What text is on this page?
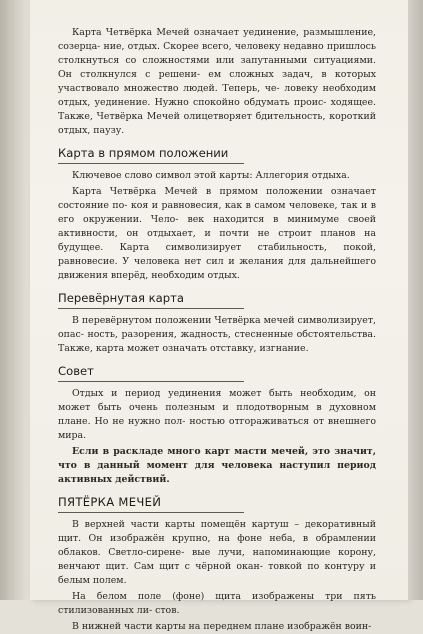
Карта Четвёрка Мечей означает уединение, размышление, созерца- ние, отдых. Скорее всего, человеку недавно пришлось столкнуться со сложностями или запутанными ситуациями. Он столкнулся с решени- ем сложных задач, в которых участвовало множество людей. Теперь, че- ловеку необходим отдых, уединение. Нужно спокойно обдумать проис- ходящее. Также, Четвёрка Мечей олицетворяет бдительность, короткий отдых, паузу.

Карта в прямом положении

Ключевое слово символ этой карты: Аллегория отдыха.

Карта Четвёрка Мечей в прямом положении означает состояние по- коя и равновесия, как в самом человеке, так и в его окружении. Чело- век находится в минимуме своей активности, он отдыхает, и почти не строит планов на будущее. Карта символизирует стабильность, покой, равновесие. У человека нет сил и желания для дальнейшего движения вперёд, необходим отдых.

Перевёрнутая карта

В перевёрнутом положении Четвёрка мечей символизирует, опас- ность, разорения, жадность, стесненные обстоятельства. Также, карта может означать отставку, изгнание.

Совет

Отдых и период уединения может быть необходим, он может быть очень полезным и плодотворным в духовном плане. Но не нужно пол- ностью отгораживаться от внешнего мира.

Если в раскладе много карт масти мечей, это значит, что в данный момент для человека наступил период активных действий.

ПЯТЁРКА МЕЧЕЙ

В верхней части карты помещён картуш – декоративный щит. Он изображён крупно, на фоне неба, в обрамлении облаков. Светло-сирене- вые лучи, напоминающие корону, венчают щит. Сам щит с чёрной окан- товкой по контуру и белым полем.

На белом поле (фоне) щита изображены три пять стилизованных ли- стов.

В нижней части карты на переднем плане изображён воин-
